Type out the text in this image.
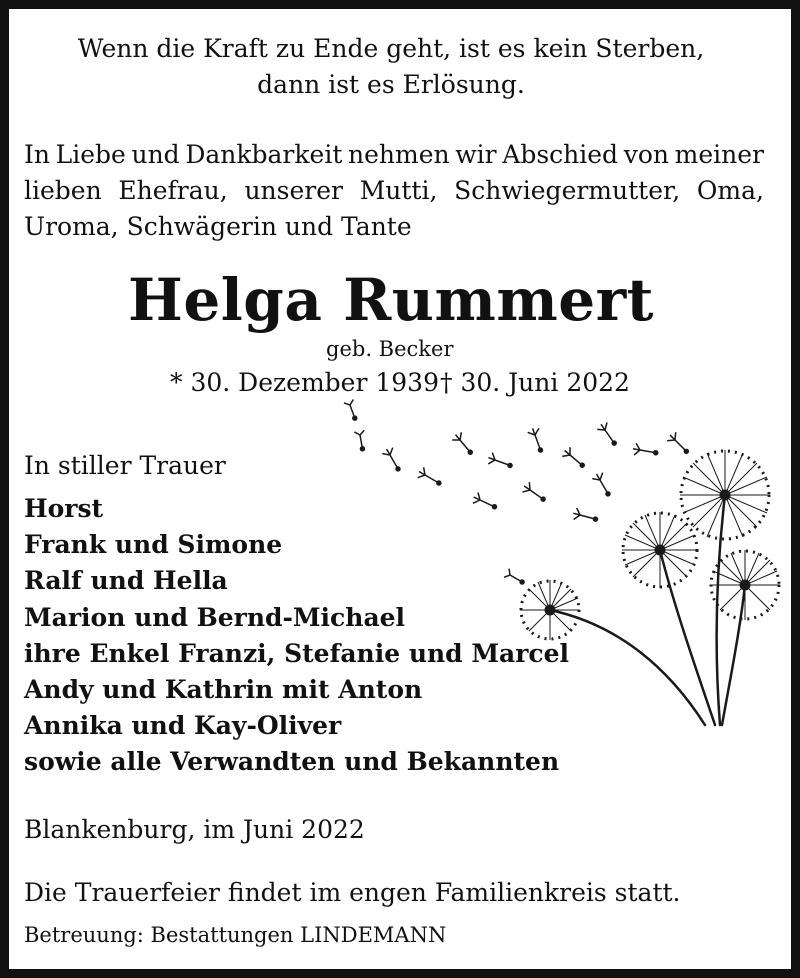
Wenn die Kraft zu Ende geht, ist es kein Sterben,
dann ist es Erlösung.
In Liebe und Dankbarkeit nehmen wir Abschied von meiner
lieben Ehefrau, unserer Mutti, Schwiegermutter, Oma,
Uroma, Schwägerin und Tante
Helga Rummert
geb. Becker
* 30. Dezember 1939 † 30. Juni 2022
In stiller Trauer
Horst
Frank und Simone
Ralf und Hella
Marion und Bernd-Michael
ihre Enkel Franzi, Stefanie und Marcel
Andy und Kathrin mit Anton
Annika und Kay-Oliver
sowie alle Verwandten und Bekannten
Blankenburg, im Juni 2022
Die Trauerfeier findet im engen Familienkreis statt.
Betreuung: Bestattungen LINDEMANN
